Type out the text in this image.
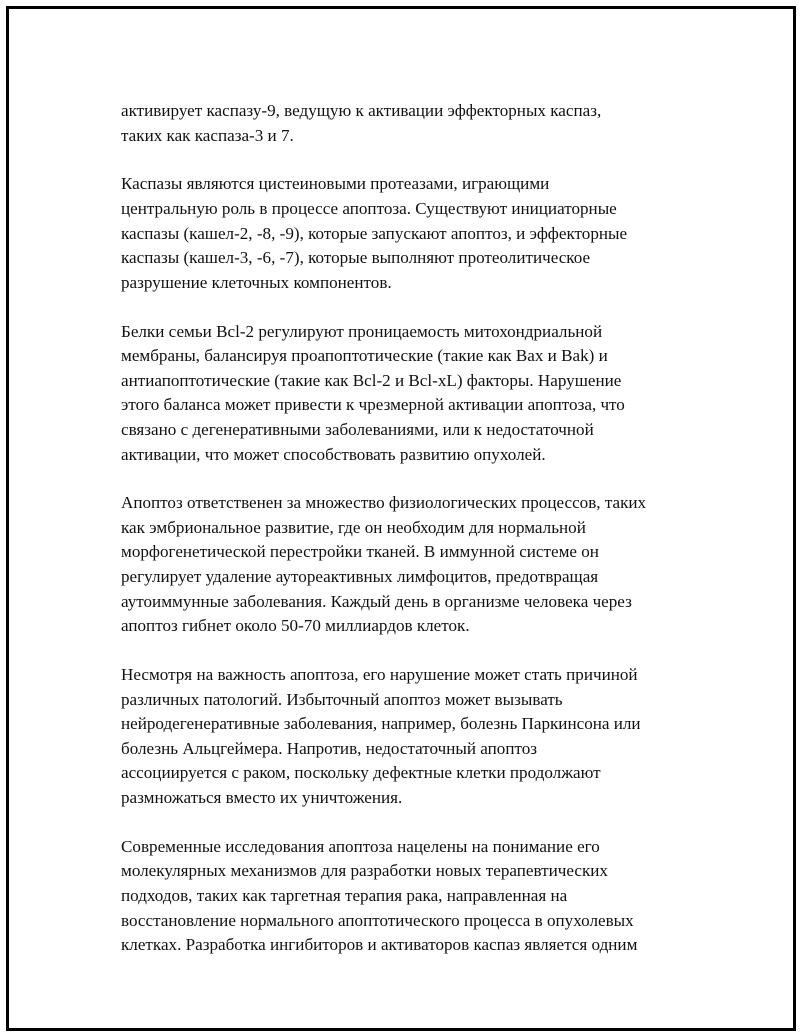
активирует каспазу-9, ведущую к активации эффекторных каспаз,
таких как каспаза-3 и 7.

Каспазы являются цистеиновыми протеазами, играющими
центральную роль в процессе апоптоза. Существуют инициаторные
каспазы (кашел-2, -8, -9), которые запускают апоптоз, и эффекторные
каспазы (кашел-3, -6, -7), которые выполняют протеолитическое
разрушение клеточных компонентов.

Белки семьи Bcl-2 регулируют проницаемость митохондриальной
мембраны, балансируя проапоптотические (такие как Bax и Bak) и
антиапоптотические (такие как Bcl-2 и Bcl-xL) факторы. Нарушение
этого баланса может привести к чрезмерной активации апоптоза, что
связано с дегенеративными заболеваниями, или к недостаточной
активации, что может способствовать развитию опухолей.

Апоптоз ответственен за множество физиологических процессов, таких
как эмбриональное развитие, где он необходим для нормальной
морфогенетической перестройки тканей. В иммунной системе он
регулирует удаление аутореактивных лимфоцитов, предотвращая
аутоиммунные заболевания. Каждый день в организме человека через
апоптоз гибнет около 50-70 миллиардов клеток.

Несмотря на важность апоптоза, его нарушение может стать причиной
различных патологий. Избыточный апоптоз может вызывать
нейродегенеративные заболевания, например, болезнь Паркинсона или
болезнь Альцгеймера. Напротив, недостаточный апоптоз
ассоциируется с раком, поскольку дефектные клетки продолжают
размножаться вместо их уничтожения.

Современные исследования апоптоза нацелены на понимание его
молекулярных механизмов для разработки новых терапевтических
подходов, таких как таргетная терапия рака, направленная на
восстановление нормального апоптотического процесса в опухолевых
клетках. Разработка ингибиторов и активаторов каспаз является одним
